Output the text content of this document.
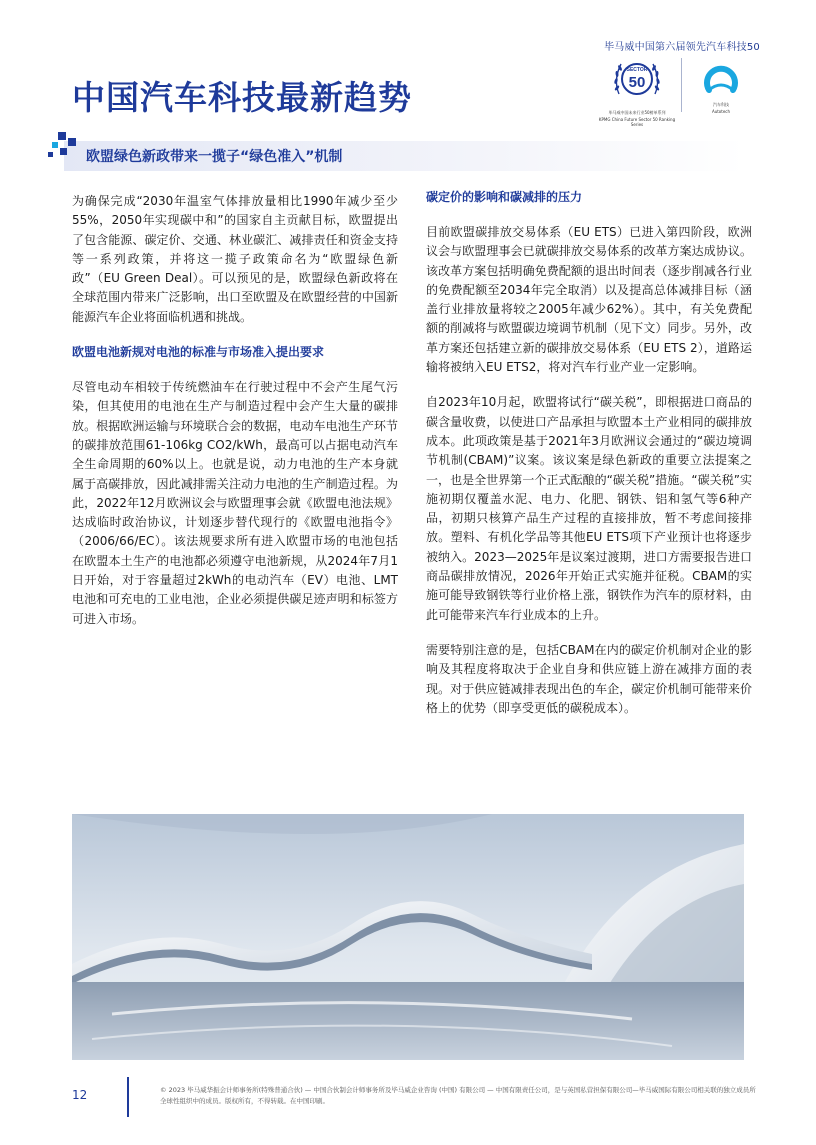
毕马威中国第六届领先汽车科技50
中国汽车科技最新趋势
SECTOR
50
毕马威中国未来行业50榜单系列
KPMG China Future Sector 50 Ranking Series
汽车科技
Autotech
欧盟绿色新政带来一揽子“绿色准入”机制

为确保完成“2030年温室气体排放量相比1990年减少至少55%，2050年实现碳中和”的国家自主贡献目标，欧盟提出了包含能源、碳定价、交通、林业碳汇、减排责任和资金支持等一系列政策，并将这一揽子政策命名为“欧盟绿色新政”（EU Green Deal）。可以预见的是，欧盟绿色新政将在全球范围内带来广泛影响，出口至欧盟及在欧盟经营的中国新能源汽车企业将面临机遇和挑战。

欧盟电池新规对电池的标准与市场准入提出要求

尽管电动车相较于传统燃油车在行驶过程中不会产生尾气污染，但其使用的电池在生产与制造过程中会产生大量的碳排放。根据欧洲运输与环境联合会的数据，电动车电池生产环节的碳排放范围61-106kg CO2/kWh，最高可以占据电动汽车全生命周期的60%以上。也就是说，动力电池的生产本身就属于高碳排放，因此减排需关注动力电池的生产制造过程。为此，2022年12月欧洲议会与欧盟理事会就《欧盟电池法规》达成临时政治协议，计划逐步替代现行的《欧盟电池指令》（2006/66/EC）。该法规要求所有进入欧盟市场的电池包括在欧盟本土生产的电池都必须遵守电池新规，从2024年7月1日开始，对于容量超过2kWh的电动汽车（EV）电池、LMT电池和可充电的工业电池，企业必须提供碳足迹声明和标签方可进入市场。

碳定价的影响和碳减排的压力

目前欧盟碳排放交易体系（EU ETS）已进入第四阶段，欧洲议会与欧盟理事会已就碳排放交易体系的改革方案达成协议。该改革方案包括明确免费配额的退出时间表（逐步削减各行业的免费配额至2034年完全取消）以及提高总体减排目标（涵盖行业排放量将较之2005年减少62%）。其中，有关免费配额的削减将与欧盟碳边境调节机制（见下文）同步。另外，改革方案还包括建立新的碳排放交易体系（EU ETS 2），道路运输将被纳入EU ETS2，将对汽车行业产业一定影响。

自2023年10月起，欧盟将试行“碳关税”，即根据进口商品的碳含量收费，以使进口产品承担与欧盟本土产业相同的碳排放成本。此项政策是基于2021年3月欧洲议会通过的“碳边境调节机制(CBAM)”议案。该议案是绿色新政的重要立法提案之一，也是全世界第一个正式酝酿的“碳关税”措施。“碳关税”实施初期仅覆盖水泥、电力、化肥、钢铁、铝和氢气等6种产品，初期只核算产品生产过程的直接排放，暂不考虑间接排放。塑料、有机化学品等其他EU ETS项下产业预计也将逐步被纳入。2023—2025年是议案过渡期，进口方需要报告进口商品碳排放情况，2026年开始正式实施并征税。CBAM的实施可能导致钢铁等行业价格上涨，钢铁作为汽车的原材料，由此可能带来汽车行业成本的上升。

需要特别注意的是，包括CBAM在内的碳定价机制对企业的影响及其程度将取决于企业自身和供应链上游在减排方面的表现。对于供应链减排表现出色的车企，碳定价机制可能带来价格上的优势（即享受更低的碳税成本）。

12	© 2023 毕马威华振会计师事务所(特殊普通合伙) — 中国合伙制会计师事务所及毕马威企业咨询 (中国) 有限公司 — 中国有限责任公司，是与英国私营担保有限公司—毕马威国际有限公司相关联的独立成员所全球性组织中的成员。版权所有，不得转载。在中国印刷。
